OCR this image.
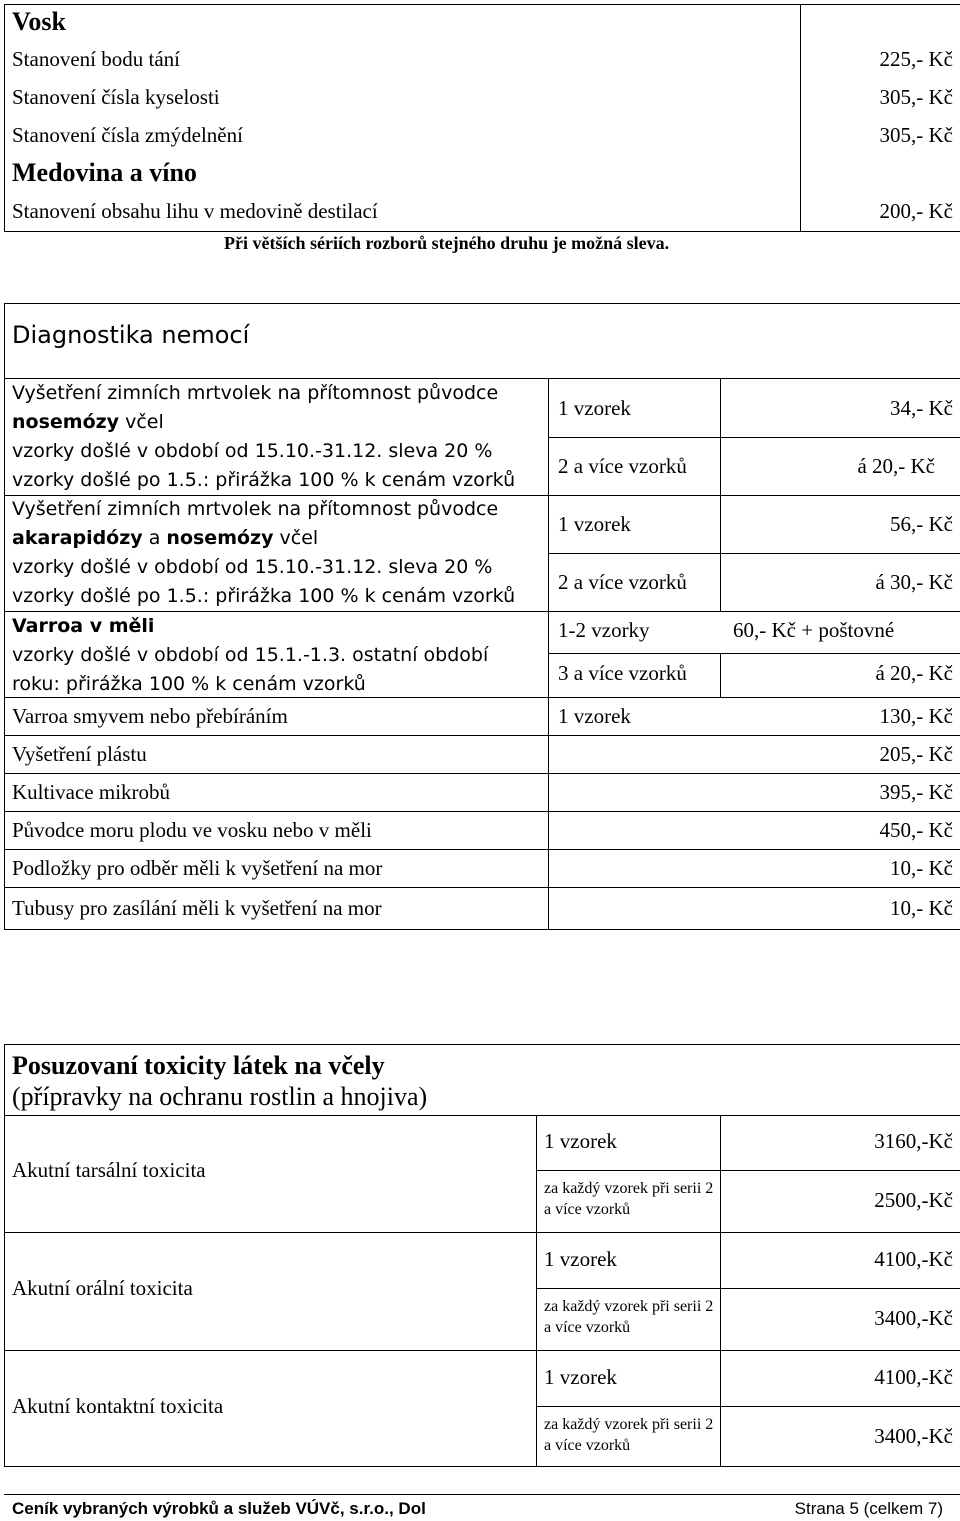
Vosk
Stanovení bodu tání	225,- Kč
Stanovení čísla kyselosti	305,- Kč
Stanovení čísla zmýdelnění	305,- Kč
Medovina a víno
Stanovení obsahu lihu v medovině destilací	200,- Kč
Při větších sériích rozborů stejného druhu je možná sleva.
Diagnostika nemocí
Vyšetření zimních mrtvolek na přítomnost původce
nosemózy včel
vzorky došlé v období od 15.10.-31.12. sleva 20 %
vzorky došlé po 1.5.: přirážka 100 % k cenám vzorků
1 vzorek	34,- Kč
2 a více vzorků	á 20,- Kč
Vyšetření zimních mrtvolek na přítomnost původce
akarapidózy a nosemózy včel
vzorky došlé v období od 15.10.-31.12. sleva 20 %
vzorky došlé po 1.5.: přirážka 100 % k cenám vzorků
1 vzorek	56,- Kč
2 a více vzorků	á 30,- Kč
Varroa v měli
vzorky došlé v období od 15.1.-1.3. ostatní období
roku: přirážka 100 % k cenám vzorků
1-2 vzorky	60,- Kč + poštovné
3 a více vzorků	á 20,- Kč
Varroa smyvem nebo přebíráním	1 vzorek	130,- Kč
Vyšetření plástu	205,- Kč
Kultivace mikrobů	395,- Kč
Původce moru plodu ve vosku nebo v měli	450,- Kč
Podložky pro odběr měli k vyšetření na mor	10,- Kč
Tubusy pro zasílání měli k vyšetření na mor	10,- Kč
Posuzovaní toxicity látek na včely
(přípravky na ochranu rostlin a hnojiva)
Akutní tarsální toxicita
1 vzorek	3160,-Kč
za každý vzorek při serii 2 a více vzorků	2500,-Kč
Akutní orální toxicita
1 vzorek	4100,-Kč
za každý vzorek při serii 2 a více vzorků	3400,-Kč
Akutní kontaktní toxicita
1 vzorek	4100,-Kč
za každý vzorek při serii 2 a více vzorků	3400,-Kč
Ceník vybraných výrobků a služeb VÚVč, s.r.o., Dol	Strana 5 (celkem 7)
